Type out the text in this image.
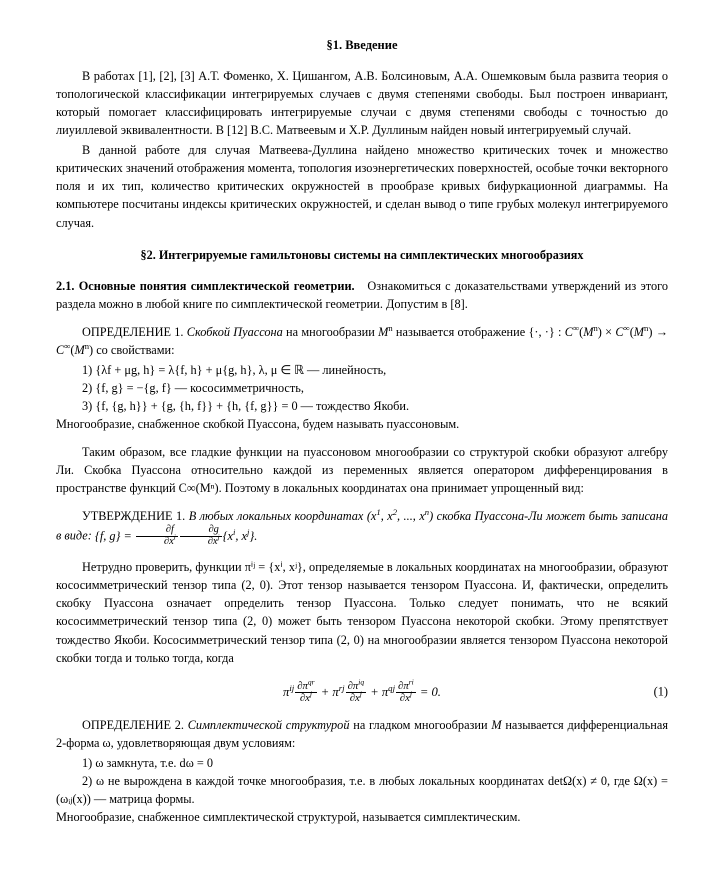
§1. Введение

В работах [1], [2], [3] А.Т. Фоменко, Х. Цишангом, А.В. Болсиновым, А.А. Ошемковым была развита теория о топологической классификации интегрируемых случаев с двумя степенями свободы. Был построен инвариант, который помогает классифицировать интегрируемые случаи с двумя степенями свободы с точностью до лиуиллевой эквивалентности. В [12] В.С. Матвеевым и Х.Р. Дуллиным найден новый интегрируемый случай.

В данной работе для случая Матвеева-Дуллина найдено множество критических точек и множество критических значений отображения момента, топология изоэнергетических поверхностей, особые точки векторного поля и их тип, количество критических окружностей в прообразе кривых бифуркационной диаграммы. На компьютере посчитаны индексы критических окружностей, и сделан вывод о типе грубых молекул интегрируемого случая.

§2. Интегрируемые гамильтоновы системы на симплектических многообразиях

2.1. Основные понятия симплектической геометрии. Ознакомиться с доказательствами утверждений из этого раздела можно в любой книге по симплектической геометрии. Допустим в [8].

ОПРЕДЕЛЕНИЕ 1. Скобкой Пуассона на многообразии $M^n$ называется отображение {·, ·} : $C^\infty(M^n) \times C^\infty(M^n) \to C^\infty(M^n)$ со свойствами:

1) {λf + μg, h} = λ{f, h} + μ{g, h}, λ, μ ∈ ℝ — линейность,

2) {f, g} = −{g, f} — кососимметричность,

3) {f, {g, h}} + {g, {h, f}} + {h, {f, g}} = 0 — тождество Якоби.

Многообразие, снабженное скобкой Пуассона, будем называть пуассоновым.

Таким образом, все гладкие функции на пуассоновом многообразии со структурой скобки образуют алгебру Ли. Скобка Пуассона относительно каждой из переменных является оператором дифференцирования в пространстве функций C∞(Mⁿ). Поэтому в локальных координатах она принимает упрощенный вид:

УТВЕРЖДЕНИЕ 1. В любых локальных координатах ($x^1$, $x^2$, ..., $x^n$) скобка Пуассона-Ли может быть записана в виде: {f, $g\} = \frac{\partial f}{\partial x^i} \frac{\partial g}{\partial x^j} \{x^i$, $x^j$}.

Нетрудно проверить, функции πⁱʲ = {xⁱ, xʲ}, определяемые в локальных координатах на многообразии, образуют кососимметрический тензор типа (2, 0). Этот тензор называется тензором Пуассона. И, фактически, определить скобку Пуассона означает определить тензор Пуассона. Только следует понимать, что не всякий кососимметрический тензор типа (2, 0) может быть тензором Пуассона некоторой скобки. Этому препятствует тождество Якоби. Кососимметрический тензор типа (2, 0) на многообразии является тензором Пуассона некоторой скобки тогда и только тогда, когда

$\pi^{ij} \frac{\partial\pi^{qr}}{\partial x^j} + \pi^{rj} \frac{\partial\pi^{iq}}{\partial x^j} + \pi^{qj} \frac{\partial\pi^{ri}}{\partial x^j} = 0$.	(1)

ОПРЕДЕЛЕНИЕ 2. Симплектической структурой на гладком многообразии M называется дифференциальная 2-форма ω, удовлетворяющая двум условиям:

1) ω замкнута, т.е. dω = 0

2) ω не вырождена в каждой точке многообразия, т.е. в любых локальных координатах detΩ(x) ≠ 0, где Ω(x) = (ωᵢⱼ(x)) — матрица формы.

Многообразие, снабженное симплектической структурой, называется симплектическим.
